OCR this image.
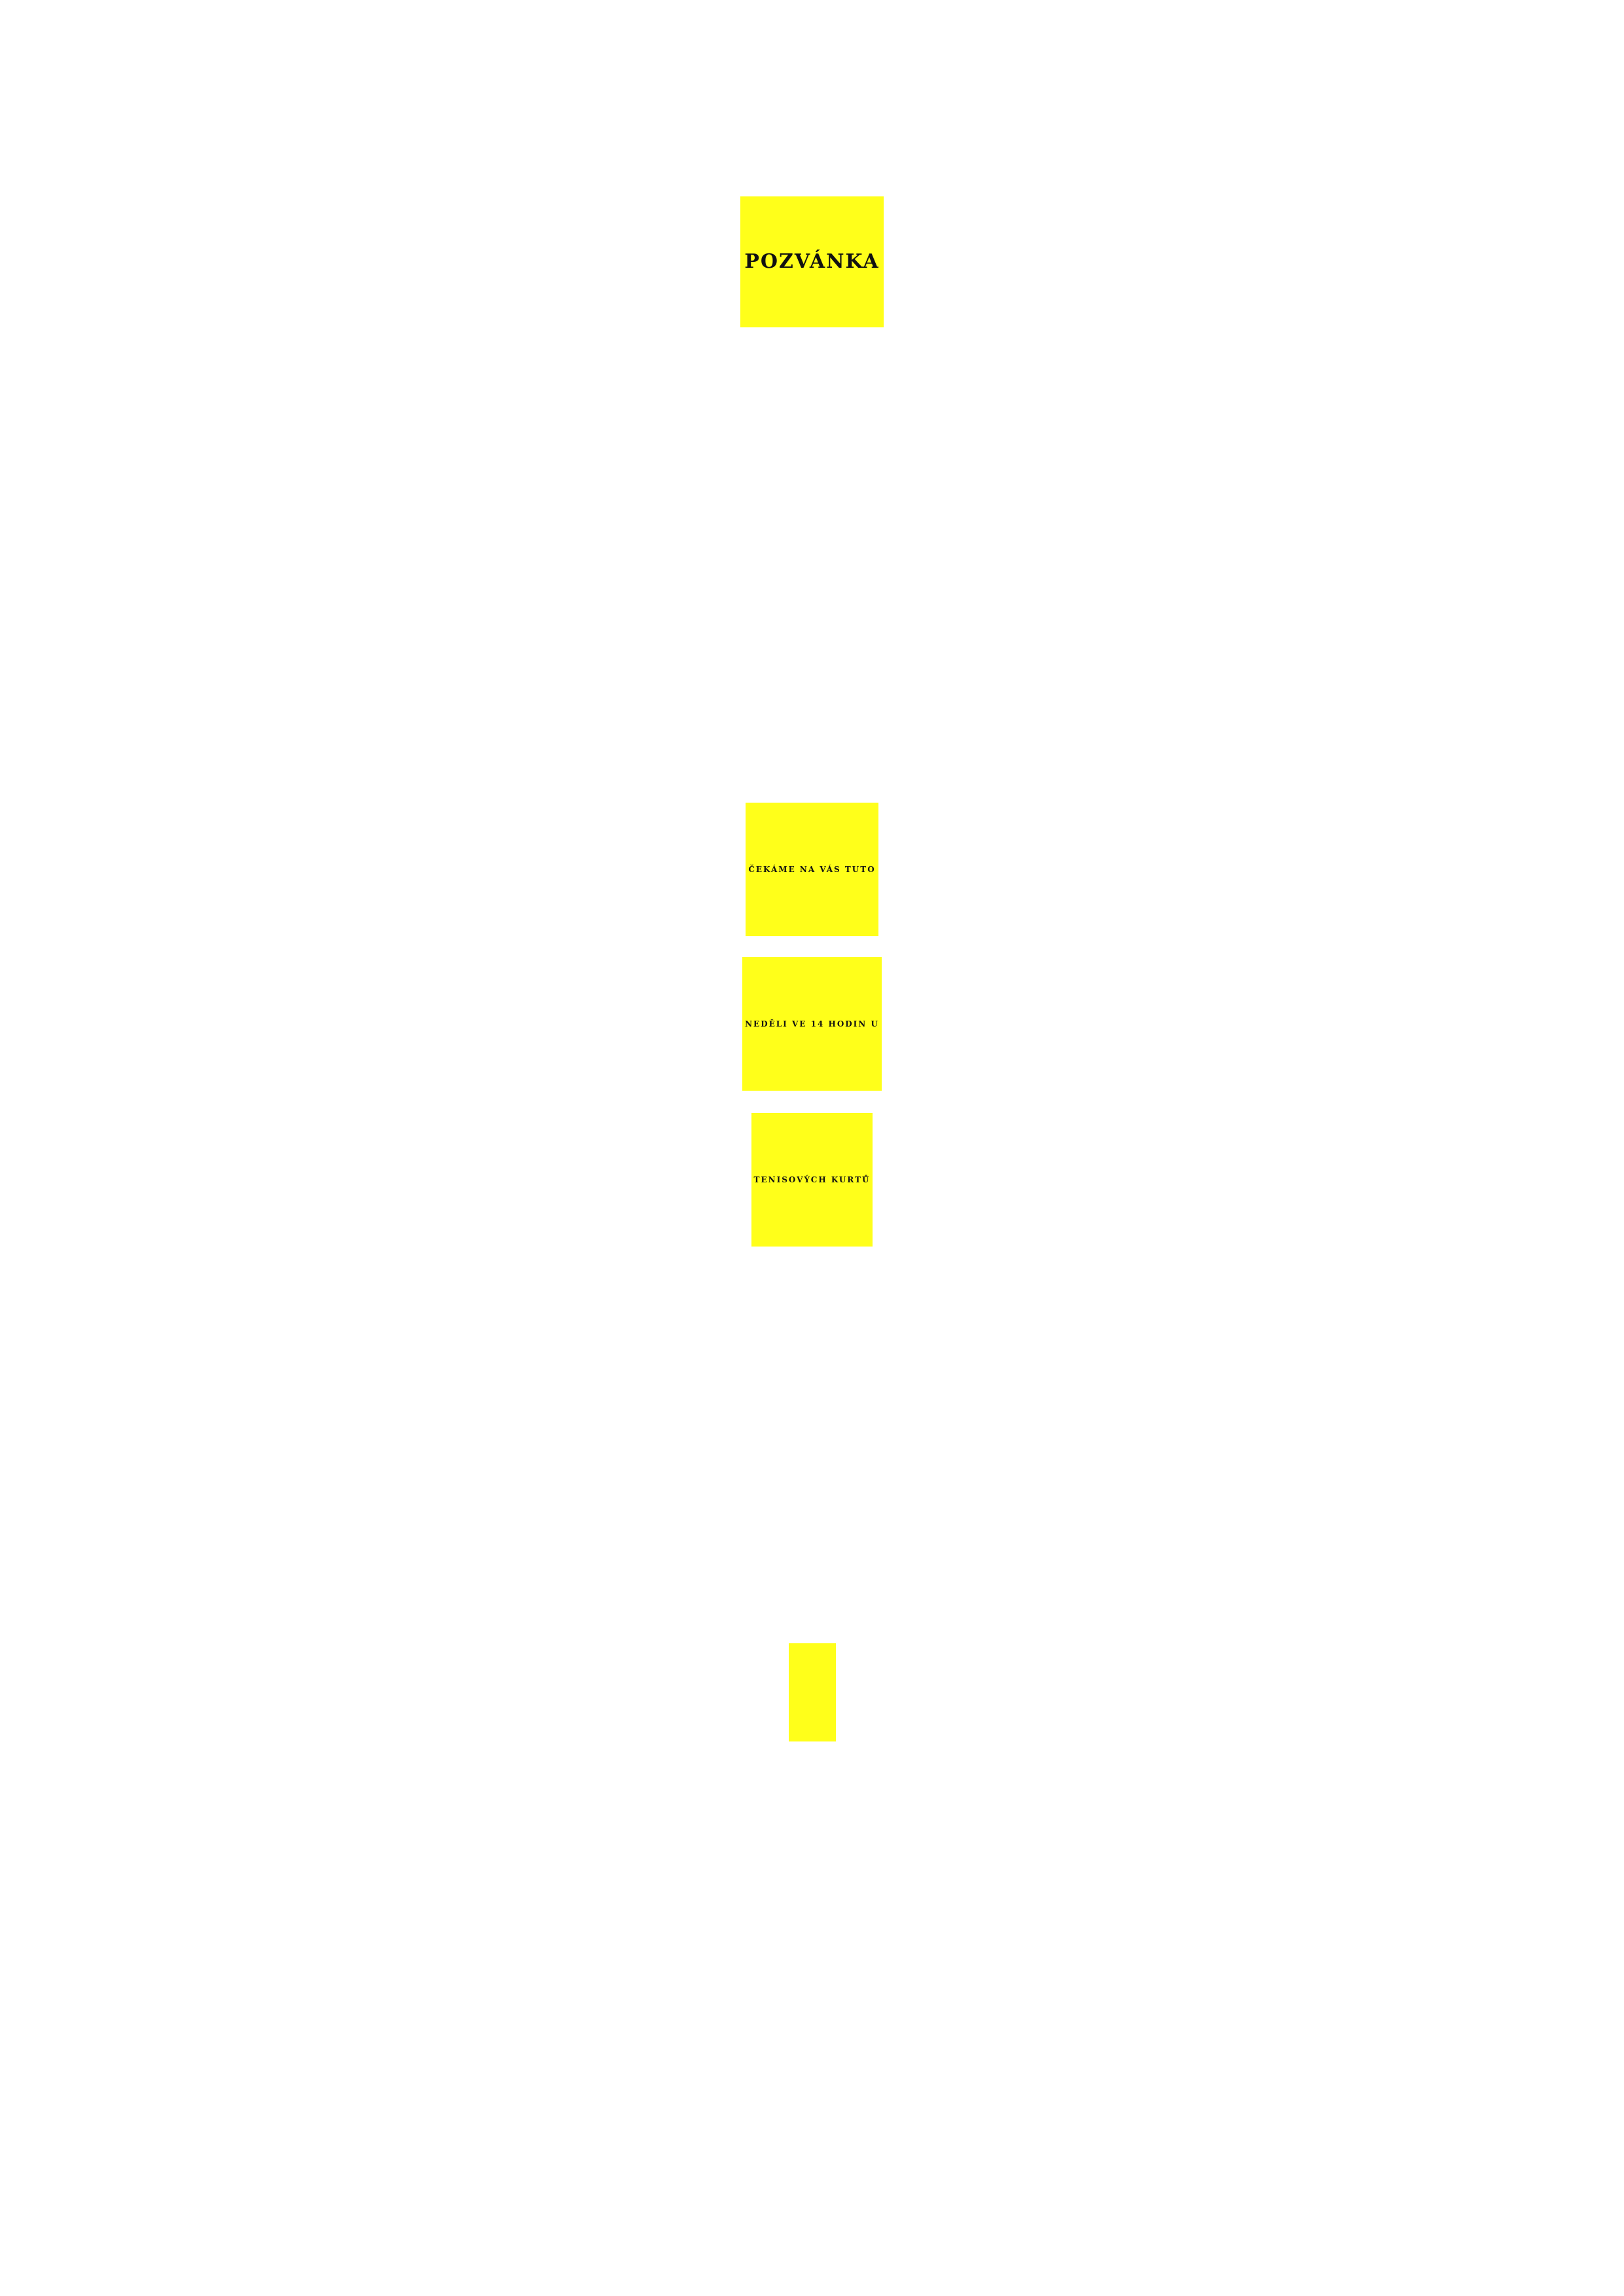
POZVÁNKA
ČEKÁME NA VÁS TUTO
NEDĚLI VE 14 HODIN U
TENISOVÝCH KURTŮ
